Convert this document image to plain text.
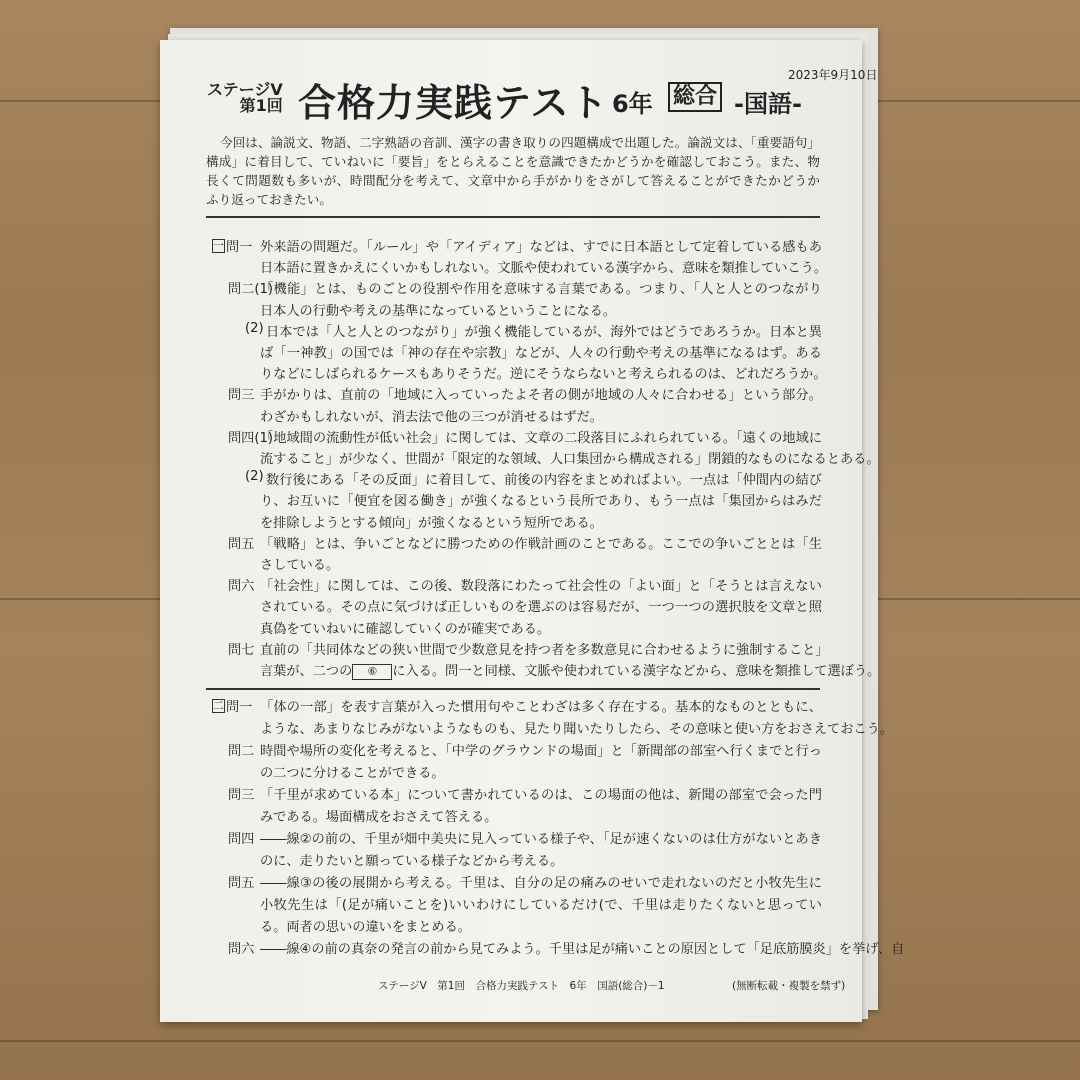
2023年9月10日
ステージV
第1回 合格力実践テスト 6年 総合 -国語-
今回は、論説文、物語、二字熟語の音訓、漢字の書き取りの四題構成で出題した。論説文は、「重要語句」
構成」に着目して、ていねいに「要旨」をとらえることを意識できたかどうかを確認しておこう。また、物
長くて問題数も多いが、時間配分を考えて、文章中から手がかりをさがして答えることができたかどうか
ふり返っておきたい。
一 問一 外来語の問題だ。「ルール」や「アイディア」などは、すでに日本語として定着している感もあ
日本語に置きかえにくいかもしれない。文脈や使われている漢字から、意味を類推していこう。
問二(1)
「機能」とは、ものごとの役割や作用を意味する言葉である。つまり、「人と人とのつながり
日本人の行動や考えの基準になっているということになる。
(2) 日本では「人と人とのつながり」が強く機能しているが、海外ではどうであろうか。日本と異
ば「一神教」の国では「神の存在や宗教」などが、人々の行動や考えの基準になるはず。ある
りなどにしばられるケースもありそうだ。逆にそうならないと考えられるのは、どれだろうか。
問三 手がかりは、直前の「地域に入っていったよそ者の側が地域の人々に合わせる」という部分。
わざかもしれないが、消去法で他の三つが消せるはずだ。
問四(1)
「地域間の流動性が低い社会」に関しては、文章の二段落目にふれられている。「遠くの地域に
流すること」が少なく、世間が「限定的な領域、人口集団から構成される」閉鎖的なものになるとある。
(2) 数行後にある「その反面」に着目して、前後の内容をまとめればよい。一点は「仲間内の結び
り、お互いに「便宜を図る働き」が強くなるという長所であり、もう一点は「集団からはみだ
を排除しようとする傾向」が強くなるという短所である。
問五 「戦略」とは、争いごとなどに勝つための作戦計画のことである。ここでの争いごととは「生
さしている。
問六 「社会性」に関しては、この後、数段落にわたって社会性の「よい面」と「そうとは言えない
されている。その点に気づけば正しいものを選ぶのは容易だが、一つ一つの選択肢を文章と照
真偽をていねいに確認していくのが確実である。
問七 直前の「共同体などの狭い世間で少数意見を持つ者を多数意見に合わせるように強制すること」
言葉が、二つの ⑥ に入る。問一と同様、文脈や使われている漢字などから、意味を類推して選ぼう。
二 問一 「体の一部」を表す言葉が入った慣用句やことわざは多く存在する。基本的なものとともに、
ような、あまりなじみがないようなものも、見たり聞いたりしたら、その意味と使い方をおさえておこう。
問二 時間や場所の変化を考えると、「中学のグラウンドの場面」と「新聞部の部室へ行くまでと行っ
の二つに分けることができる。
問三 「千里が求めている本」について書かれているのは、この場面の他は、新聞の部室で会った門
みである。場面構成をおさえて答える。
問四 ――線②の前の、千里が畑中美央に見入っている様子や、「足が速くないのは仕方がないとあき
のに、走りたいと願っている様子などから考える。
問五 ――線③の後の展開から考える。千里は、自分の足の痛みのせいで走れないのだと小牧先生に
小牧先生は「(足が痛いことを)いいわけにしているだけ(で、千里は走りたくないと思ってい
る。両者の思いの違いをまとめる。
問六 ――線④の前の真奈の発言の前から見てみよう。千里は足が痛いことの原因として「足底筋膜炎」を挙げ、自
ステージV　第1回　合格力実践テスト　6年　国語(総合)－1	(無断転載・複製を禁ず)
